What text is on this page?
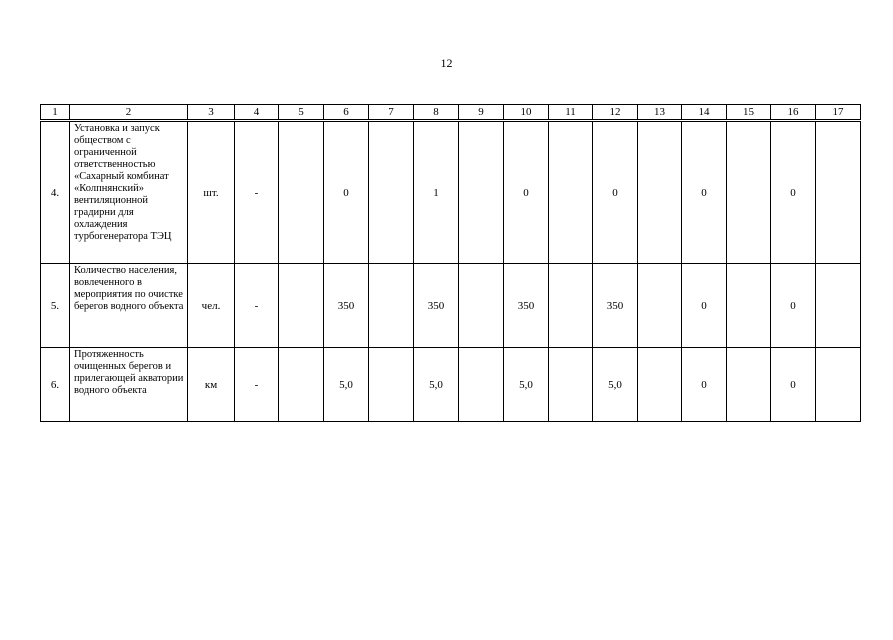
12
1	2	3	4	5	6	7	8	9	10	11	12	13	14	15	16	17
4.	Установка и запуск обществом с ограниченной ответственностью «Сахарный комбинат «Колпнянский» вентиляционной градирни для охлаждения турбогенератора ТЭЦ	шт.	-		0		1		0		0		0		0	
5.	Количество населения, вовлеченного в мероприятия по очистке берегов водного объекта	чел.	-		350		350		350		350		0		0	
6.	Протяженность очищенных берегов и прилегающей акватории водного объекта	км	-		5,0		5,0		5,0		5,0		0		0	
